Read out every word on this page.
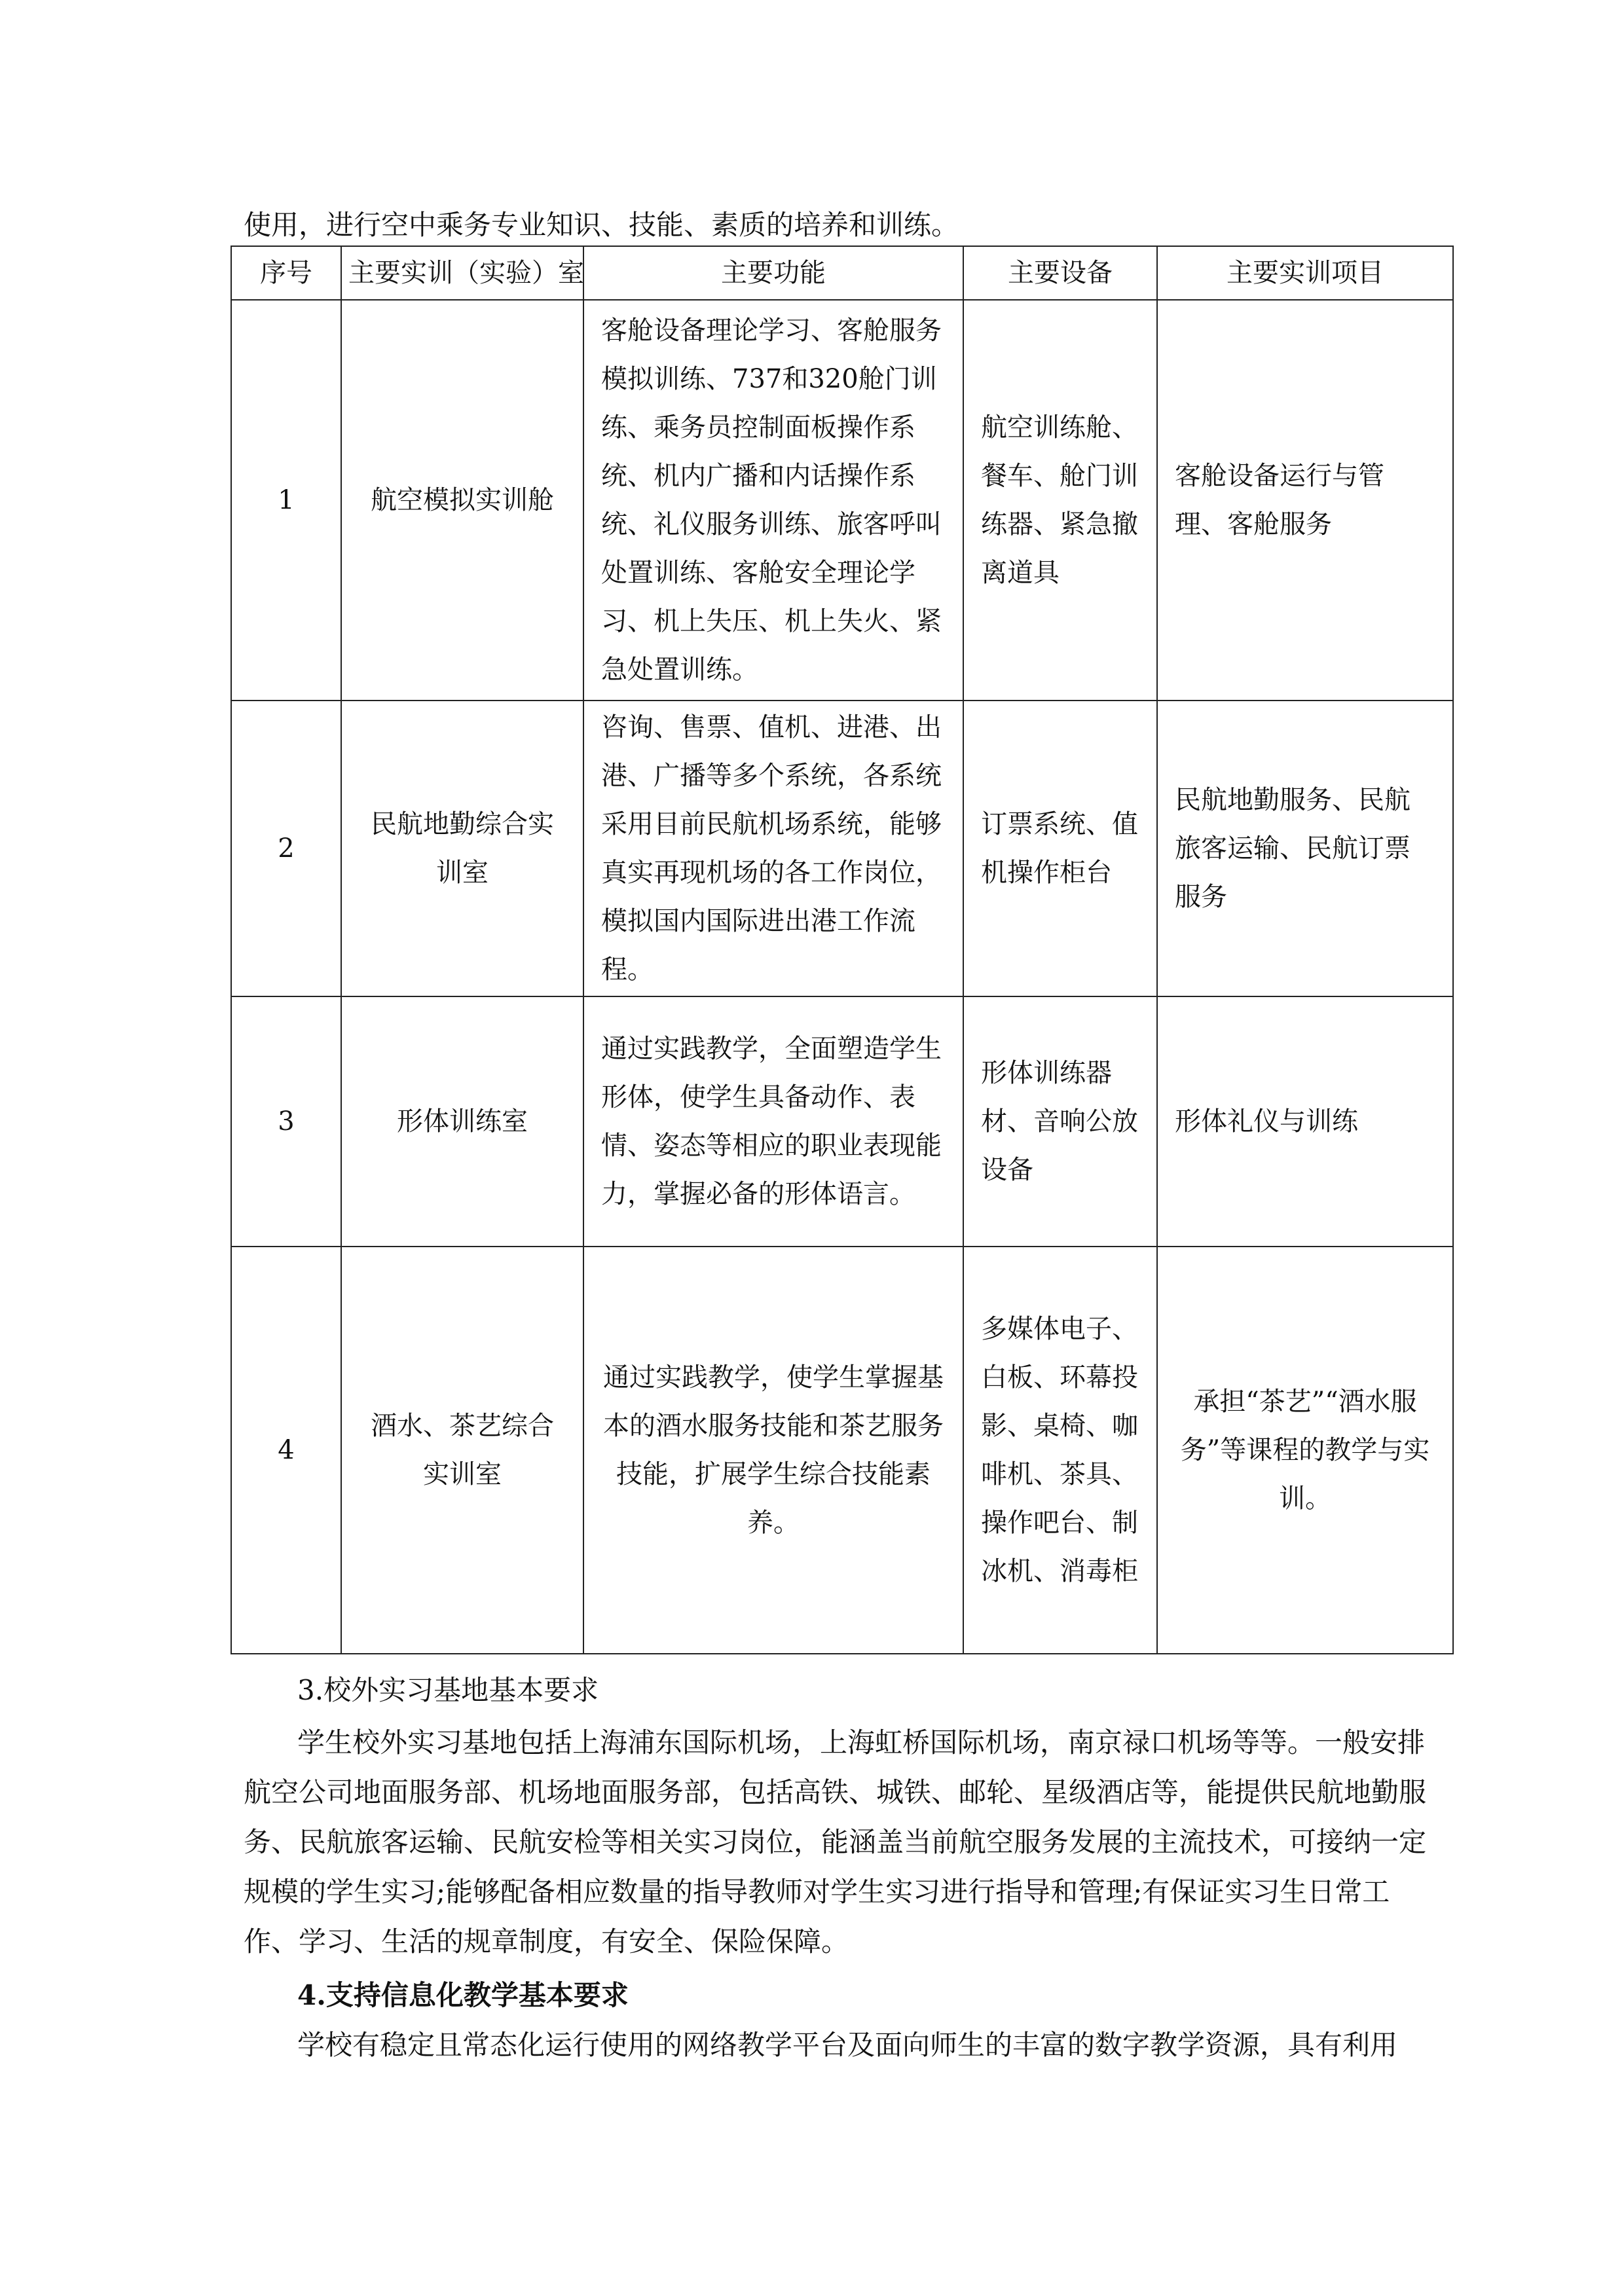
使用，进行空中乘务专业知识、技能、素质的培养和训练。
序号	主要实训（实验）室	主要功能	主要设备	主要实训项目
1	航空模拟实训舱	客舱设备理论学习、客舱服务模拟训练、737和320舱门训练、乘务员控制面板操作系统、机内广播和内话操作系统、礼仪服务训练、旅客呼叫处置训练、客舱安全理论学习、机上失压、机上失火、紧急处置训练。	航空训练舱、餐车、舱门训练器、紧急撤离道具	客舱设备运行与管理、客舱服务
2	民航地勤综合实训室	咨询、售票、值机、进港、出港、广播等多个系统，各系统采用目前民航机场系统，能够真实再现机场的各工作岗位，模拟国内国际进出港工作流程。	订票系统、值机操作柜台	民航地勤服务、民航旅客运输、民航订票服务
3	形体训练室	通过实践教学，全面塑造学生形体，使学生具备动作、表情、姿态等相应的职业表现能力，掌握必备的形体语言。	形体训练器材、音响公放设备	形体礼仪与训练
4	酒水、茶艺综合实训室	通过实践教学，使学生掌握基本的酒水服务技能和茶艺服务技能，扩展学生综合技能素养。	多媒体电子、白板、环幕投影、桌椅、咖啡机、茶具、 操作吧台、制冰机、消毒柜	承担“茶艺”“酒水服务”等课程的教学与实训。
3.校外实习基地基本要求
学生校外实习基地包括上海浦东国际机场，上海虹桥国际机场，南京禄口机场等等。一般安排航空公司地面服务部、机场地面服务部，包括高铁、城铁、邮轮、星级酒店等，能提供民航地勤服务、民航旅客运输、民航安检等相关实习岗位，能涵盖当前航空服务发展的主流技术，可接纳一定规模的学生实习;能够配备相应数量的指导教师对学生实习进行指导和管理;有保证实习生日常工作、学习、生活的规章制度，有安全、保险保障。
4.支持信息化教学基本要求
学校有稳定且常态化运行使用的网络教学平台及面向师生的丰富的数字教学资源，具有利用
